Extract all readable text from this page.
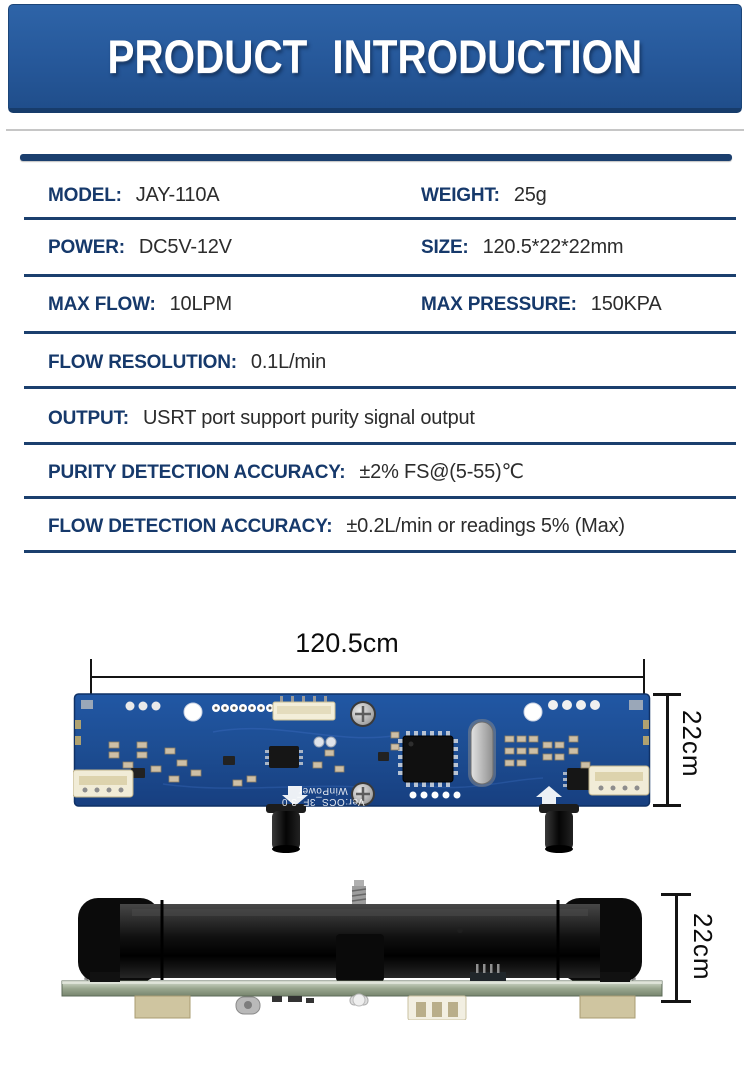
PRODUCT INTRODUCTION
MODEL: JAY-110A	WEIGHT: 25g
POWER: DC5V-12V	SIZE: 120.5*22*22mm
MAX FLOW: 10LPM	MAX PRESSURE: 150KPA
FLOW RESOLUTION: 0.1L/min
OUTPUT: USRT port support purity signal output
PURITY DETECTION ACCURACY: ±2% FS@(5-55)℃
FLOW DETECTION ACCURACY: ±0.2L/min or readings 5% (Max)
120.5cm
Ver:OCS_3F_3.0
WinPower
22cm
22cm
